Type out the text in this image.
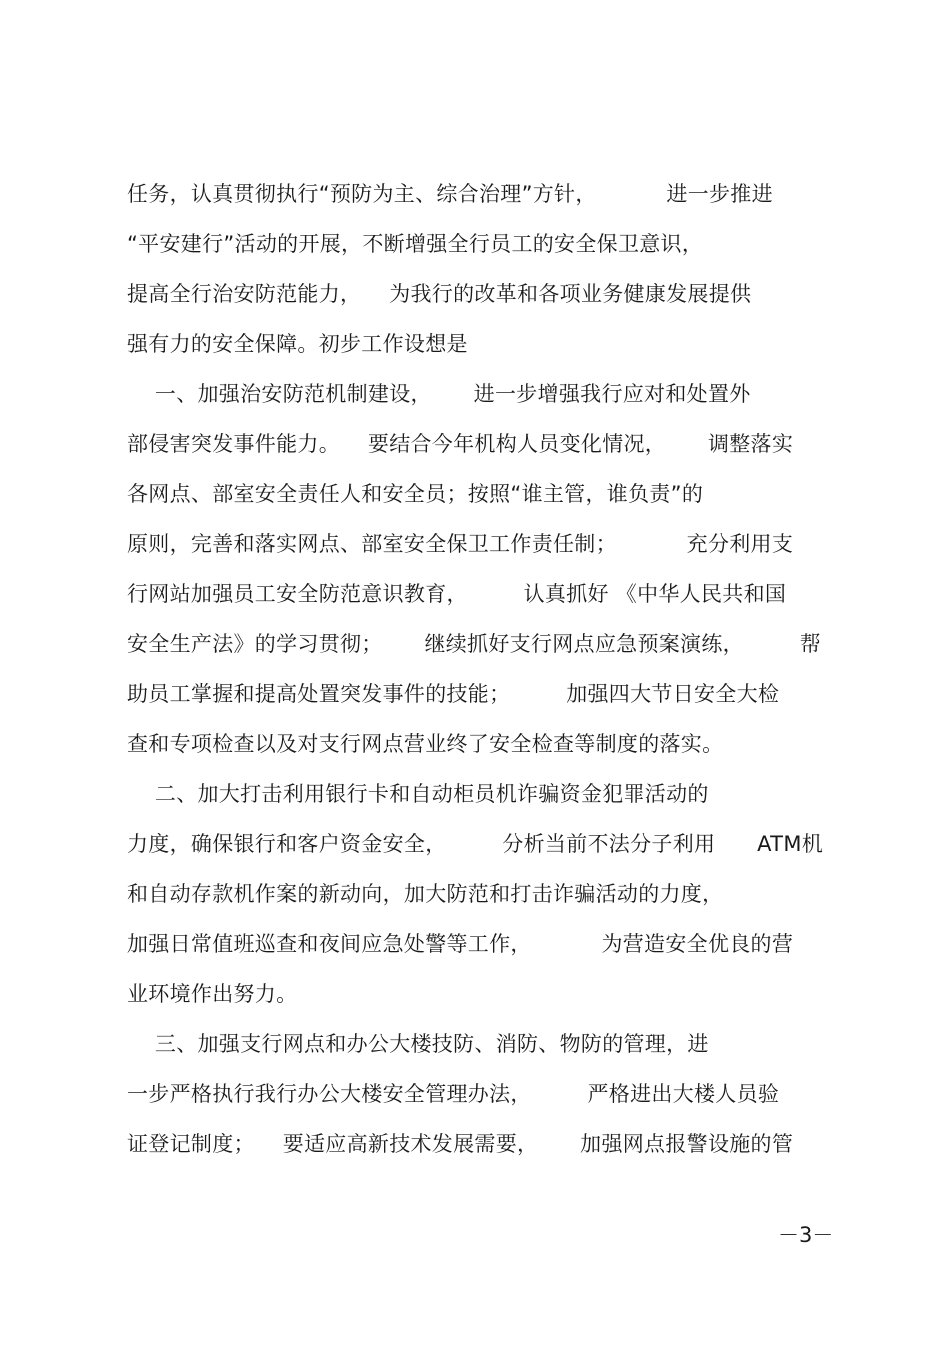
任务，认真贯彻执行“预防为主、综合治理”方针，          进一步推进
“平安建行”活动的开展，不断增强全行员工的安全保卫意识，
提高全行治安防范能力，    为我行的改革和各项业务健康发展提供
强有力的安全保障。初步工作设想是
一、加强治安防范机制建设，      进一步增强我行应对和处置外
部侵害突发事件能力。    要结合今年机构人员变化情况，      调整落实
各网点、部室安全责任人和安全员；按照“谁主管，谁负责”的
原则，完善和落实网点、部室安全保卫工作责任制；          充分利用支
行网站加强员工安全防范意识教育，        认真抓好 《中华人民共和国
安全生产法》的学习贯彻；      继续抓好支行网点应急预案演练，        帮
助员工掌握和提高处置突发事件的技能；        加强四大节日安全大检
查和专项检查以及对支行网点营业终了安全检查等制度的落实。
二、加大打击利用银行卡和自动柜员机诈骗资金犯罪活动的
力度，确保银行和客户资金安全，        分析当前不法分子利用      ATM机
和自动存款机作案的新动向，加大防范和打击诈骗活动的力度，
加强日常值班巡查和夜间应急处警等工作，          为营造安全优良的营
业环境作出努力。
三、加强支行网点和办公大楼技防、消防、物防的管理，进
一步严格执行我行办公大楼安全管理办法，        严格进出大楼人员验
证登记制度；    要适应高新技术发展需要，      加强网点报警设施的管
－3－
